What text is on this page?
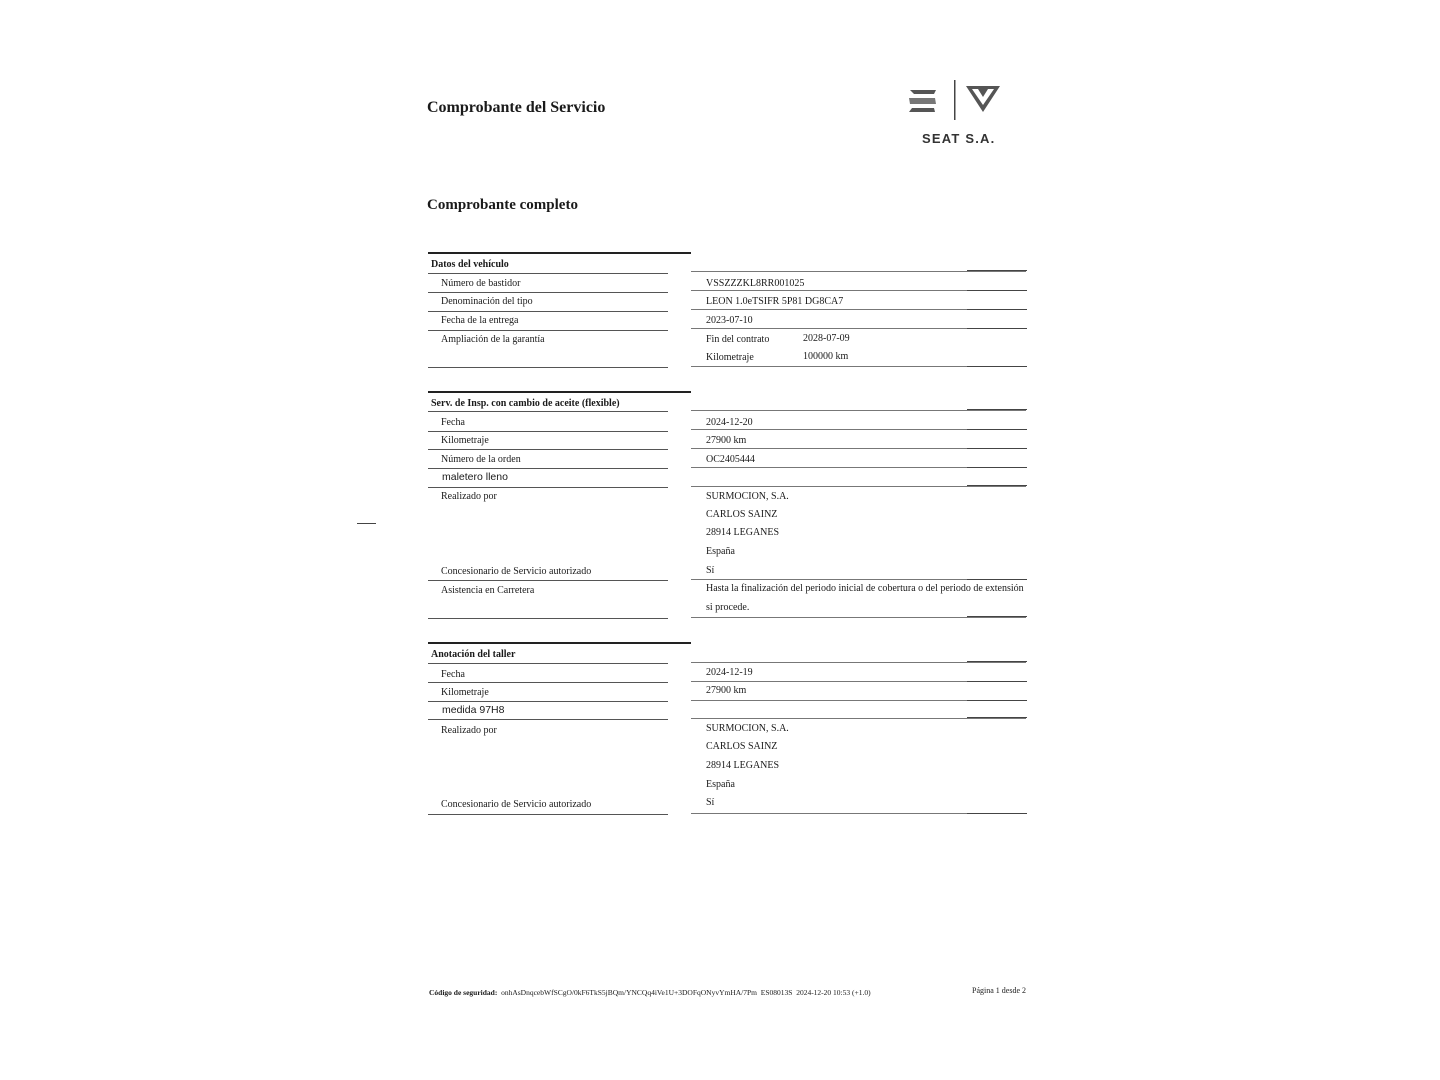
Comprobante del Servicio
SEAT S.A.
Comprobante completo
Datos del vehículo
Número de bastidor	VSSZZZKL8RR001025
Denominación del tipo	LEON 1.0eTSIFR 5P81 DG8CA7
Fecha de la entrega	2023-07-10
Ampliación de la garantía	Fin del contrato	2028-07-09
Kilometraje	100000 km
Serv. de Insp. con cambio de aceite (flexible)
Fecha	2024-12-20
Kilometraje	27900 km
Número de la orden	OC2405444
maletero lleno
Realizado por	SURMOCION, S.A.
CARLOS SAINZ
28914 LEGANES
España
Concesionario de Servicio autorizado	Sí
Asistencia en Carretera	Hasta la finalización del periodo inicial de cobertura o del periodo de extensión
si procede.
Anotación del taller
Fecha	2024-12-19
Kilometraje	27900 km
medida 97H8
Realizado por	SURMOCION, S.A.
CARLOS SAINZ
28914 LEGANES
España
Concesionario de Servicio autorizado	Sí
Código de seguridad: onhAsDnqcebWfSCgO/0kF6TkS5jBQm/YNCQq4iVe1U+3DOFqONyvYmHA/7Pm ES08013S 2024-12-20 10:53 (+1.0)	Página 1 desde 2
